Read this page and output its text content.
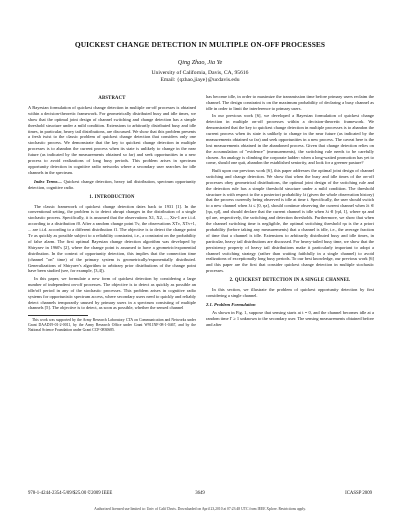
QUICKEST CHANGE DETECTION IN MULTIPLE ON-OFF PROCESSES
Qing Zhao, Jia Ye
University of California, Davis, CA, 95616
Email: {qzhao,jiaye}@ucdavis.edu
ABSTRACT

A Bayesian formulation of quickest change detection in multiple on-off processes is obtained within a decision-theoretic framework. For geometrically distributed busy and idle times, we show that the optimal joint design of channel switching and change detection has a simple threshold structure under a mild condition. Extensions to arbitrarily distributed busy and idle times, in particular, heavy tail distributions, are discussed. We show that this problem presents a fresh twist to the classic problem of quickest change detection that considers only one stochastic process. We demonstrate that the key to quickest change detection in multiple processes is to abandon the current process when its state is unlikely to change in the near future (as indicated by the measurements obtained so far) and seek opportunities in a new process to avoid realizations of long busy periods. This problem arises in spectrum opportunity detection in cognitive radio networks where a secondary user searches for idle channels in the spectrum.

Index Terms— Quickest change detection, heavy tail distribution, spectrum opportunity detection, cognitive radio.

1. INTRODUCTION

The classic framework of quickest change detection dates back to 1931 [1]. In the conventional setting, the problem is to detect abrupt changes in the distribution of a single stochastic process. Specifically, it is assumed that the observations X1, X2, ..., Xtν-1 are i.i.d. according to a distribution f0. After a random change point Tν, the observations XTν, XTν+1, ... are i.i.d. according to a different distribution f1. The objective is to detect the change point Tν as quickly as possible subject to a reliability constraint, i.e., a constraint on the probability of false alarm. The first optimal Bayesian change detection algorithm was developed by Shiryaev in 1960's [2], where the change point is assumed to have a geometric/exponential distribution. In the context of opportunity detection, this implies that the connection time (channel "on" time) of the primary system is geometrically/exponentially distributed. Generalizations of Shiryaev's algorithm to arbitrary prior distributions of the change point have been studied (see, for example, [3,4]).

In this paper, we formulate a new form of quickest detection by considering a large number of independent on-off processes. The objective is to detect as quickly as possible an idle/off period in any of the stochastic processes. This problem arises in cognitive radio systems for opportunistic spectrum access, where secondary users need to quickly and reliably detect channels temporarily unused by primary users in a spectrum consisting of multiple channels [5]. The objective is to detect, as soon as possible, whether the sensed channel

This work was supported by the Army Research Laboratory CTA on Communication and Networks under Grant DAAD19-01-2-0011, by the Army Research Office under Grant W911NF-08-1-0467, and by the National Science Foundation under Grant CCF-0830685.

has become idle, in order to maximize the transmission time before primary users reclaim the channel. The design constraint is on the maximum probability of declaring a busy channel as idle in order to limit the interference to primary users.

In our previous work [6], we developed a Bayesian formulation of quickest change detection in multiple on-off processes within a decision-theoretic framework. We demonstrated that the key to quickest change detection in multiple processes is to abandon the current process when its state is unlikely to change in the near future (as indicated by the measurements obtained so far) and seek opportunities in a new process. The caveat here is the lost measurements obtained in the abandoned process. Given that change detection relies on the accumulation of "evidence" (measurements), the switching rule needs to be carefully chosen. An analogy is climbing the corporate ladder: when a long-waited promotion has yet to come, should one quit, abandon the established seniority, and look for a greener pasture?

Built upon our previous work [6], this paper addresses the optimal joint design of channel switching and change detection. We show that when the busy and idle times of the on-off processes obey geometrical distributions, the optimal joint design of the switching rule and the detection rule has a simple threshold structure under a mild condition. The threshold structure is with respect to the a posteriori probability λt (given the whole observation history) that the process currently being observed is idle at time t. Specifically, the user should switch to a new channel when λt ≤ [0, ηa], should continue observing the current channel when λt ∈ [ηa, ηd], and should declare that the current channel is idle when λt ∈ [ηd, 1], where ηa and ηd are, respectively, the switching and detection thresholds. Furthermore, we show that when the channel switching time is negligible, the optimal switching threshold ηa is the a priori probability (before taking any measurements) that a channel is idle, i.e., the average fraction of time that a channel is idle. Extensions to arbitrarily distributed busy and idle times, in particular, heavy tail distributions are discussed. For heavy-tailed busy time, we show that the persistency property of heavy tail distributions make it particularly important to adopt a channel switching strategy (rather than waiting faithfully in a single channel) to avoid realizations of exceptionally long busy periods. To our best knowledge, our previous work [6] and this paper are the first that consider quickest change detection in multiple stochastic processes.

2. QUICKEST DETECTION IN A SINGLE CHANNEL

In this section, we illustrate the problem of quickest opportunity detection by first considering a single channel.

2.1. Problem Formulation

As shown in Fig. 1, suppose that sensing starts at t = 0, and the channel becomes idle at a random time Γ ≥ 1 unknown to the secondary user. The sensing measurements obtained before and after

978-1-4244-2354-5/09/$25.00 ©2009 IEEE	3649	ICASSP 2009
Authorized licensed use limited to: Univ of Calif Davis. Downloaded on April 23,2010 at 07:23:48 UTC from IEEE Xplore. Restrictions apply.
